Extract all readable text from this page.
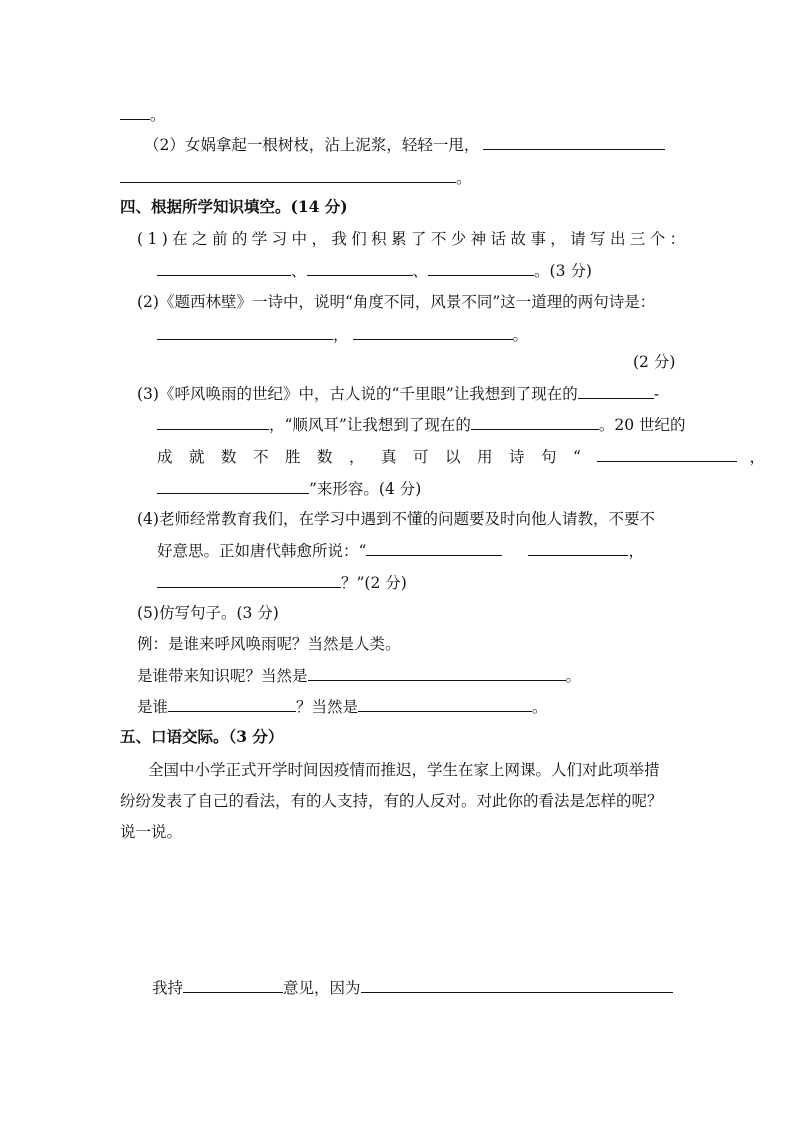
。
（2）女娲拿起一根树枝，沾上泥浆，轻轻一甩，
。
四、根据所学知识填空。(14 分)
(1)在之前的学习中，我们积累了不少神话故事，请写出三个：
、	、	。(3 分)
(2)《题西林壁》一诗中，说明“角度不同，风景不同”这一道理的两句诗是：
，	。
(2 分)
(3)《呼风唤雨的世纪》中，古人说的“千里眼”让我想到了现在的	-
，“顺风耳”让我想到了现在的	。20 世纪的
成就数不胜数，真可以用诗句“	，
”来形容。(4 分)
(4)老师经常教育我们，在学习中遇到不懂的问题要及时向他人请教，不要不
好意思。正如唐代韩愈所说：“	，
？”(2 分)
(5)仿写句子。(3 分)
例：是谁来呼风唤雨呢？当然是人类。
是谁带来知识呢？当然是	。
是谁	？当然是	。
五、口语交际。（3 分）
全国中小学正式开学时间因疫情而推迟，学生在家上网课。人们对此项举措
纷纷发表了自己的看法，有的人支持，有的人反对。对此你的看法是怎样的呢？
说一说。
我持	意见，因为
